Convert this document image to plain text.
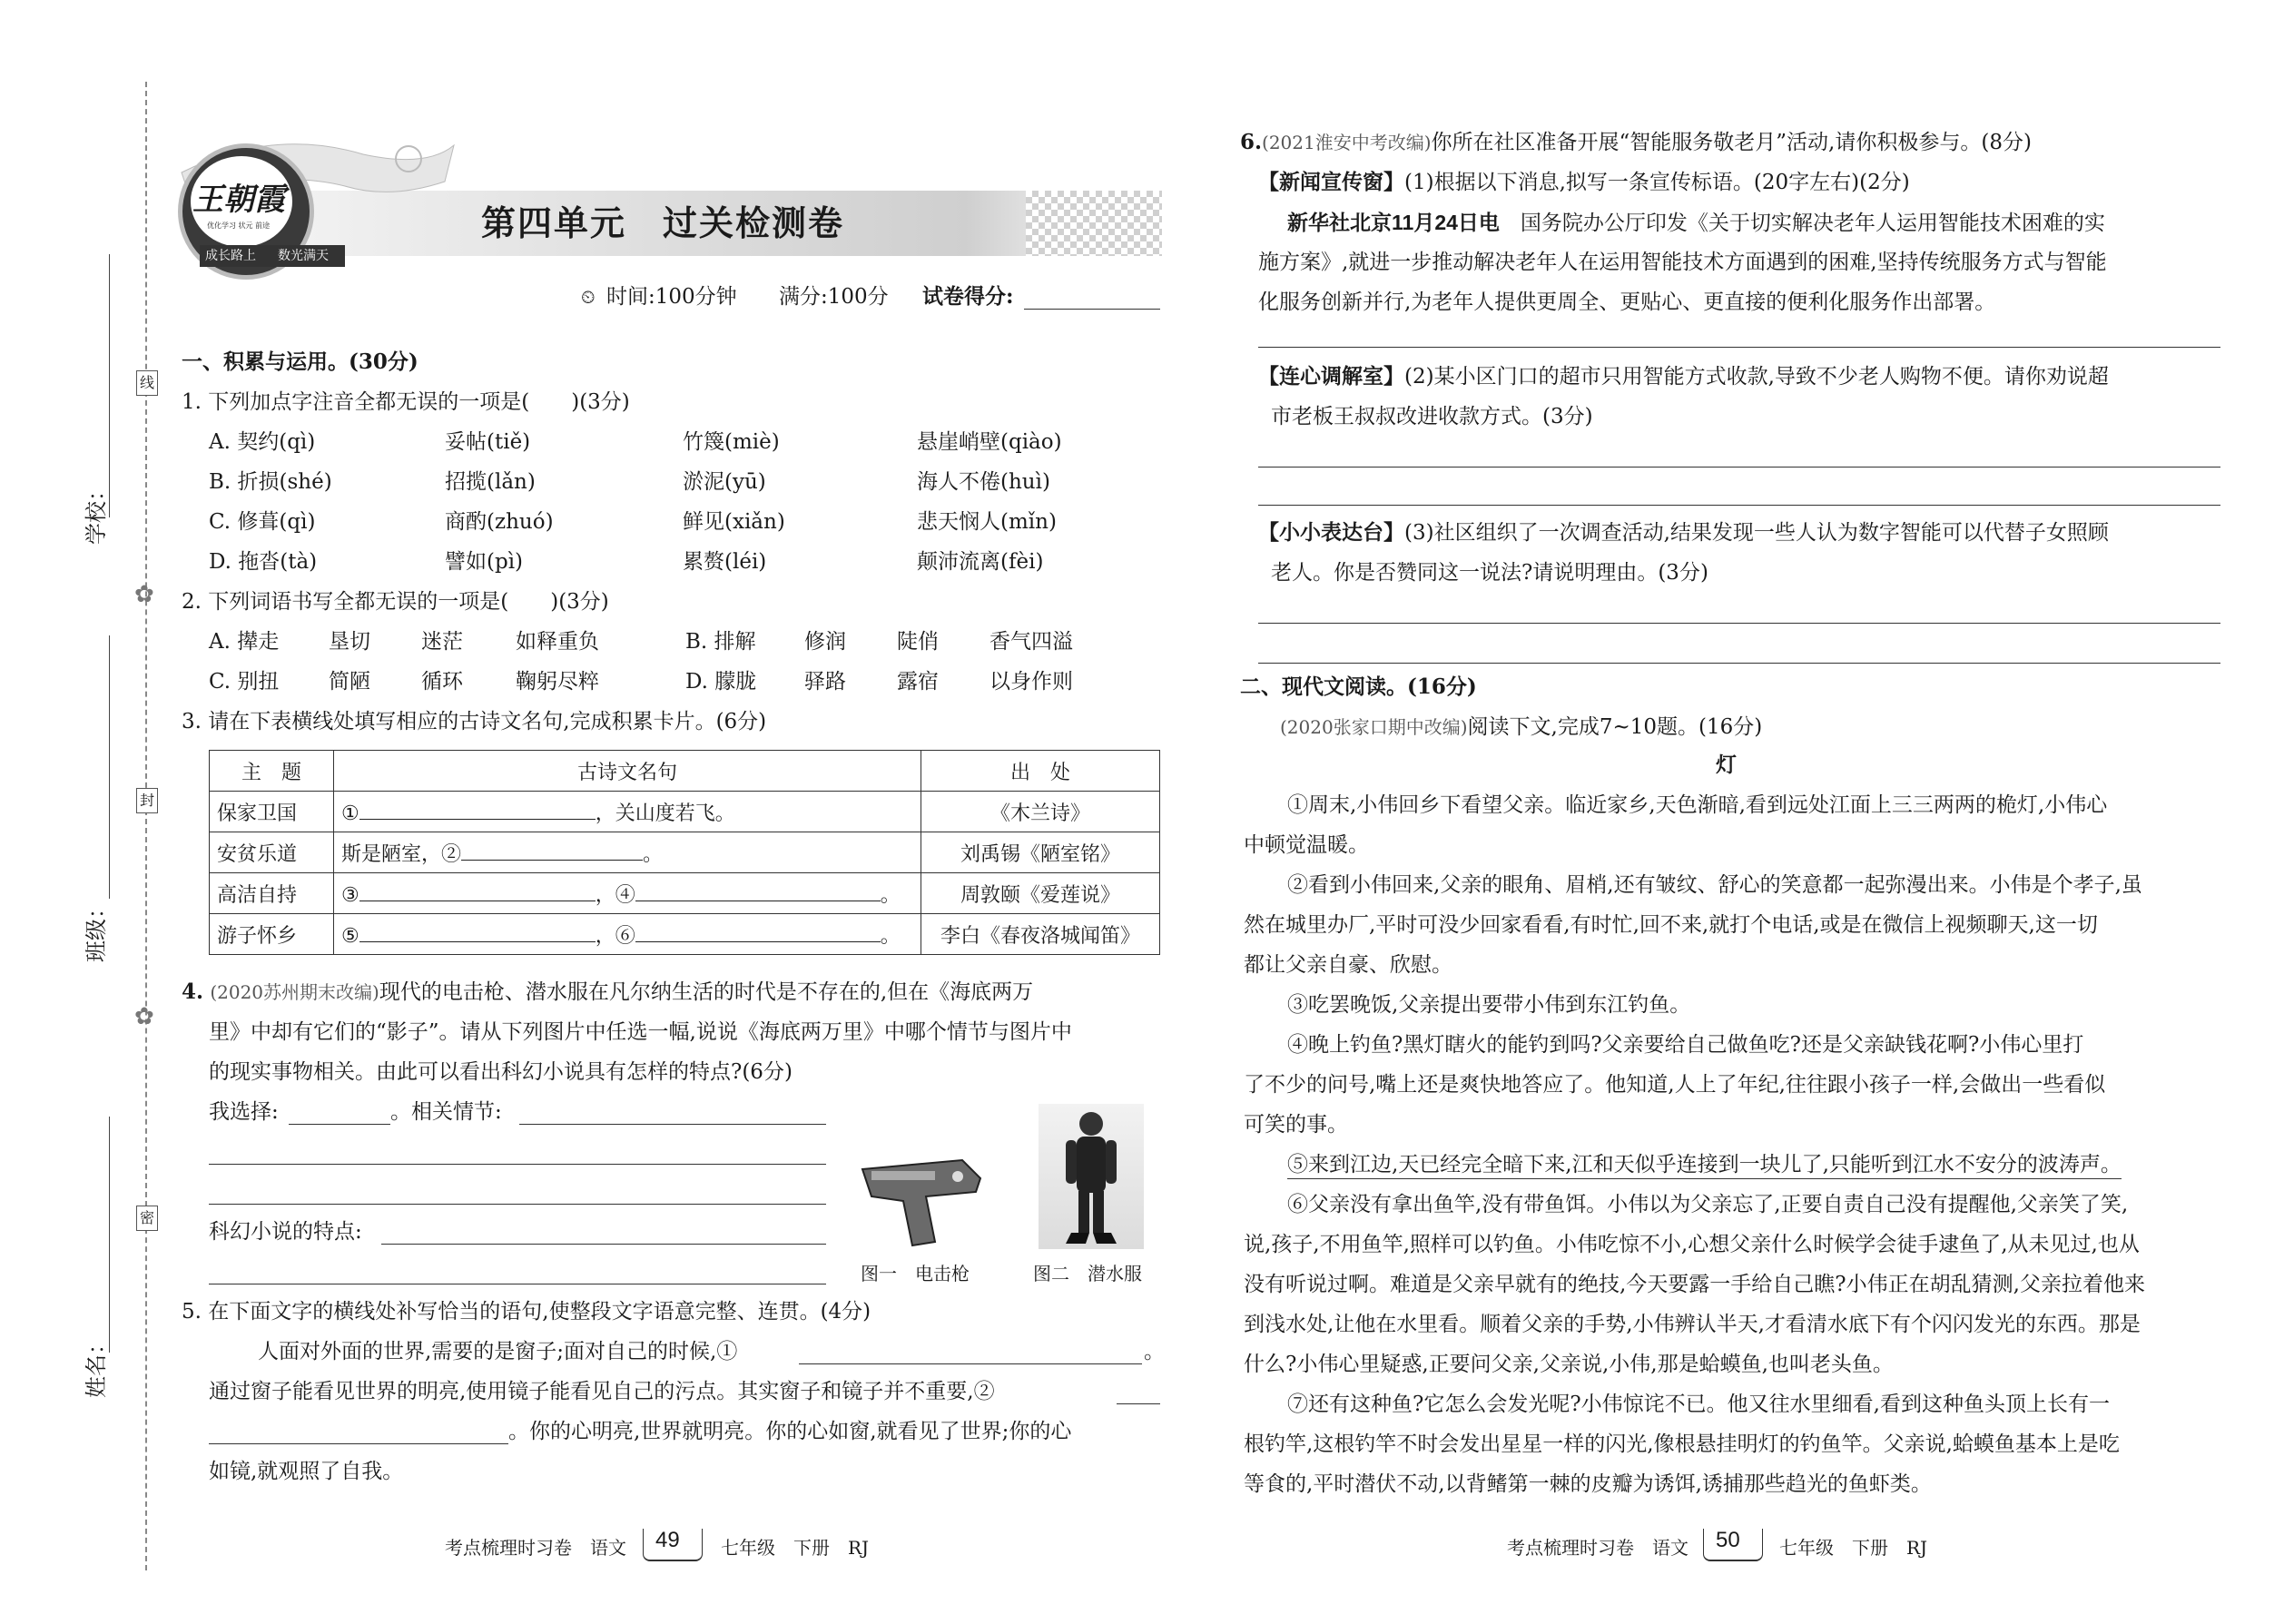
学校：
班级：
姓名：
线
封
密
✿
✿
第四单元　过关检测卷
王朝霞
优化学习 状元 前途
成长路上 数光满天
⏲ 时间:100分钟 满分:100分 试卷得分:
一、积累与运用。(30分)
1. 下列加点字注音全都无误的一项是(　　)(3分)
A. 契约(qì)	妥帖(tiě)	竹篾(miè)	悬崖峭壁(qiào)
B. 折损(shé)	招揽(lǎn)	淤泥(yū)	海人不倦(huì)
C. 修葺(qì)	商酌(zhuó)	鲜见(xiǎn)	悲天悯人(mǐn)
D. 拖沓(tà)	譬如(pì)	累赘(léi)	颠沛流离(fèi)
2. 下列词语书写全都无误的一项是(　　)(3分)
A. 撵走 垦切 迷茫	如释重负	B. 排解 修润 陡俏 香气四溢
C. 别扭 简陋 循环	鞠躬尽粹	D. 朦胧 驿路 露宿 以身作则
3. 请在下表横线处填写相应的古诗文名句,完成积累卡片。(6分)
主　题	古诗文名句	出　处
保家卫国	① ，关山度若飞。	《木兰诗》
安贫乐道	斯是陋室，② 。	刘禹锡《陋室铭》
高洁自持	③ ，④ 。	周敦颐《爱莲说》
游子怀乡	⑤ ，⑥ 。	李白《春夜洛城闻笛》
4. (2020苏州期末改编)现代的电击枪、潜水服在凡尔纳生活的时代是不存在的,但在《海底两万
里》中却有它们的“影子”。请从下列图片中任选一幅,说说《海底两万里》中哪个情节与图片中
的现实事物相关。由此可以看出科幻小说具有怎样的特点?(6分)
我选择:	。相关情节:
科幻小说的特点:
图一　电击枪	图二　潜水服
5. 在下面文字的横线处补写恰当的语句,使整段文字语意完整、连贯。(4分)
人面对外面的世界,需要的是窗子;面对自己的时候,①	。
通过窗子能看见世界的明亮,使用镜子能看见自己的污点。其实窗子和镜子并不重要,②
。你的心明亮,世界就明亮。你的心如窗,就看见了世界;你的心
如镜,就观照了自我。
考点梳理时习卷　语文 49 七年级　下册　RJ
6.(2021淮安中考改编)你所在社区准备开展“智能服务敬老月”活动,请你积极参与。(8分)
【新闻宣传窗】(1)根据以下消息,拟写一条宣传标语。(20字左右)(2分)
新华社北京11月24日电　 国务院办公厅印发《关于切实解决老年人运用智能技术困难的实
施方案》,就进一步推动解决老年人在运用智能技术方面遇到的困难,坚持传统服务方式与智能
化服务创新并行,为老年人提供更周全、更贴心、更直接的便利化服务作出部署。
【连心调解室】(2)某小区门口的超市只用智能方式收款,导致不少老人购物不便。请你劝说超
市老板王叔叔改进收款方式。(3分)
【小小表达台】(3)社区组织了一次调查活动,结果发现一些人认为数字智能可以代替子女照顾
老人。你是否赞同这一说法?请说明理由。(3分)
二、现代文阅读。(16分)
(2020张家口期中改编)阅读下文,完成7~10题。(16分)
灯
①周末,小伟回乡下看望父亲。临近家乡,天色渐暗,看到远处江面上三三两两的桅灯,小伟心
中顿觉温暖。
②看到小伟回来,父亲的眼角、眉梢,还有皱纹、舒心的笑意都一起弥漫出来。小伟是个孝子,虽
然在城里办厂,平时可没少回家看看,有时忙,回不来,就打个电话,或是在微信上视频聊天,这一切
都让父亲自豪、欣慰。
③吃罢晚饭,父亲提出要带小伟到东江钓鱼。
④晚上钓鱼?黑灯瞎火的能钓到吗?父亲要给自己做鱼吃?还是父亲缺钱花啊?小伟心里打
了不少的问号,嘴上还是爽快地答应了。他知道,人上了年纪,往往跟小孩子一样,会做出一些看似
可笑的事。
⑤来到江边,天已经完全暗下来,江和天似乎连接到一块儿了,只能听到江水不安分的波涛声。
⑥父亲没有拿出鱼竿,没有带鱼饵。小伟以为父亲忘了,正要自责自己没有提醒他,父亲笑了笑,
说,孩子,不用鱼竿,照样可以钓鱼。小伟吃惊不小,心想父亲什么时候学会徒手逮鱼了,从未见过,也从
没有听说过啊。难道是父亲早就有的绝技,今天要露一手给自己瞧?小伟正在胡乱猜测,父亲拉着他来
到浅水处,让他在水里看。顺着父亲的手势,小伟辨认半天,才看清水底下有个闪闪发光的东西。那是
什么?小伟心里疑惑,正要问父亲,父亲说,小伟,那是蛤蟆鱼,也叫老头鱼。
⑦还有这种鱼?它怎么会发光呢?小伟惊诧不已。他又往水里细看,看到这种鱼头顶上长有一
根钓竿,这根钓竿不时会发出星星一样的闪光,像根悬挂明灯的钓鱼竿。父亲说,蛤蟆鱼基本上是吃
等食的,平时潜伏不动,以背鳍第一棘的皮瓣为诱饵,诱捕那些趋光的鱼虾类。
考点梳理时习卷　语文 50 七年级　下册　RJ
